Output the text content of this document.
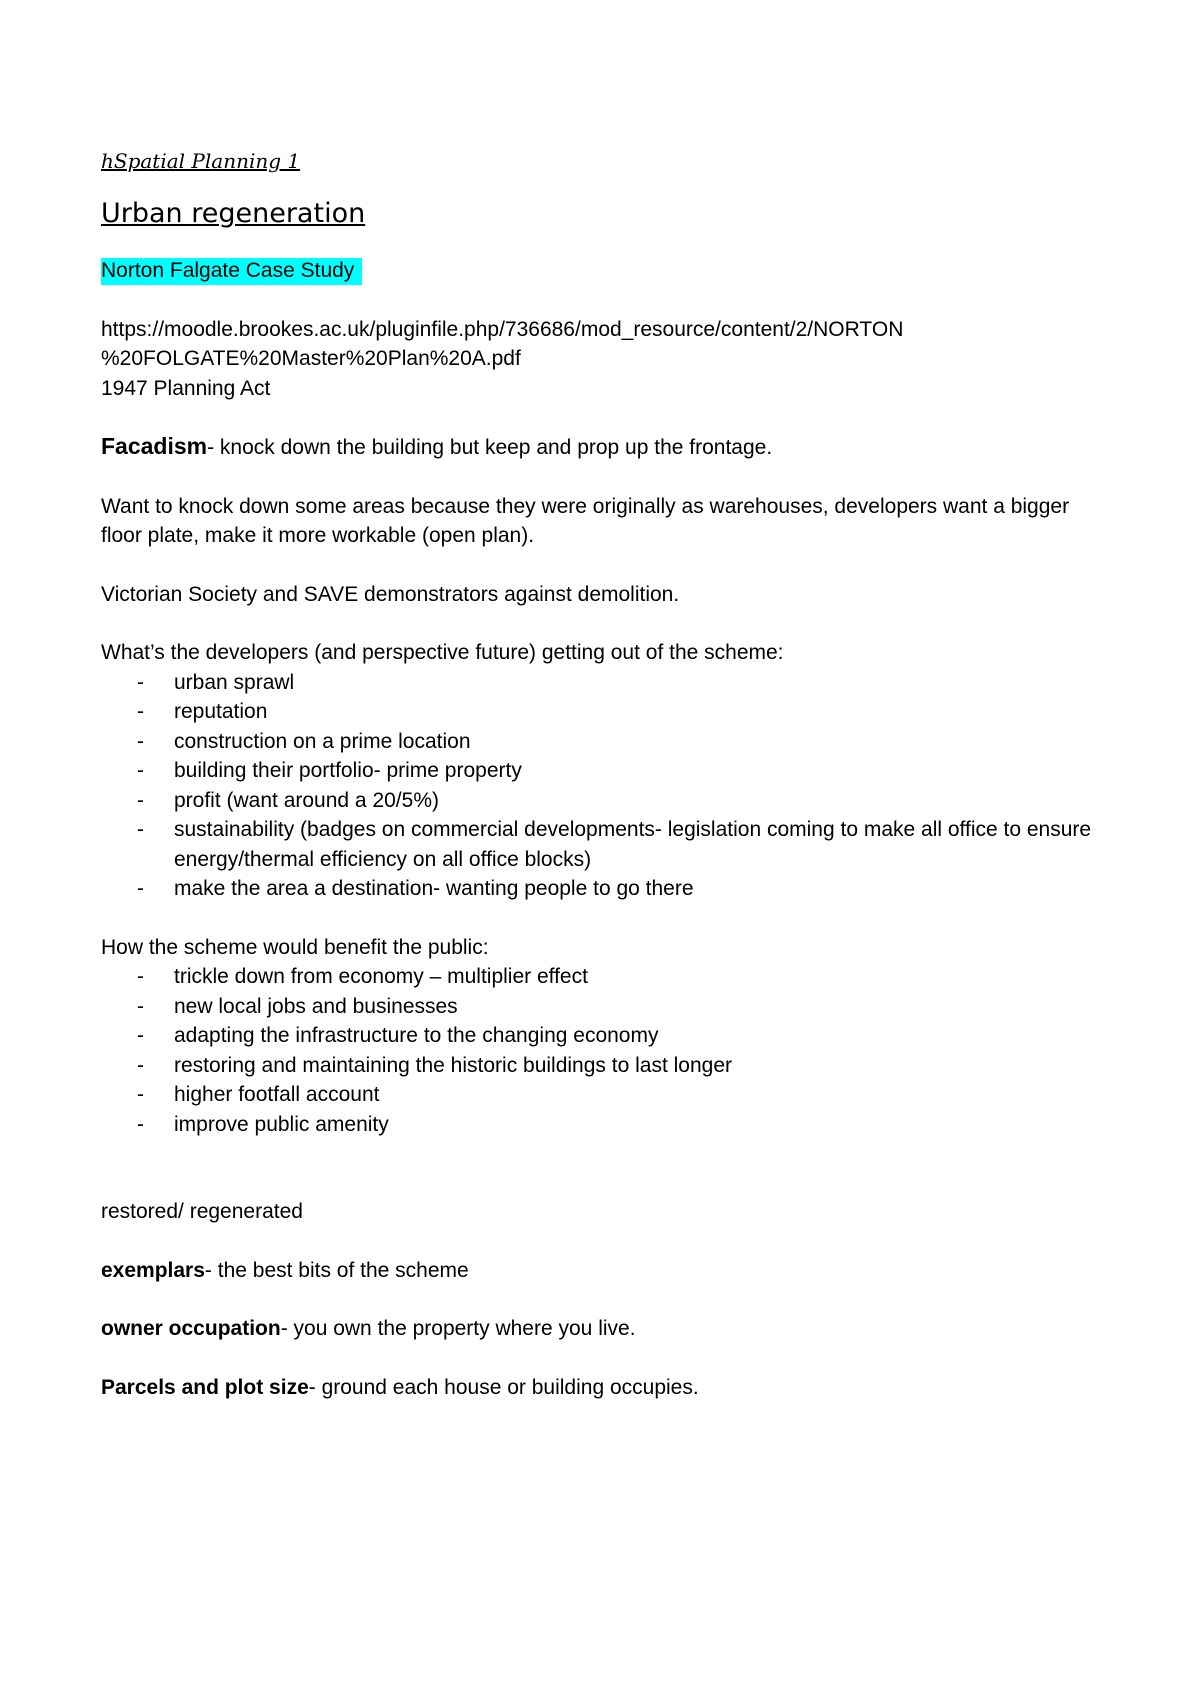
hSpatial Planning 1

Urban regeneration

Norton Falgate Case Study

https://moodle.brookes.ac.uk/pluginfile.php/736686/mod_resource/content/2/NORTON

%20FOLGATE%20Master%20Plan%20A.pdf

1947 Planning Act

Facadism- knock down the building but keep and prop up the frontage.

Want to knock down some areas because they were originally as warehouses, developers want a bigger floor plate, make it more workable (open plan).

Victorian Society and SAVE demonstrators against demolition.

What’s the developers (and perspective future) getting out of the scheme:

- urban sprawl
- reputation
- construction on a prime location
- building their portfolio- prime property
- profit (want around a 20/5%)
- sustainability (badges on commercial developments- legislation coming to make all office to ensure energy/thermal efficiency on all office blocks)
- make the area a destination- wanting people to go there

How the scheme would benefit the public:

- trickle down from economy – multiplier effect
- new local jobs and businesses
- adapting the infrastructure to the changing economy
- restoring and maintaining the historic buildings to last longer
- higher footfall account
- improve public amenity

restored/ regenerated

exemplars- the best bits of the scheme

owner occupation- you own the property where you live.

Parcels and plot size- ground each house or building occupies.
